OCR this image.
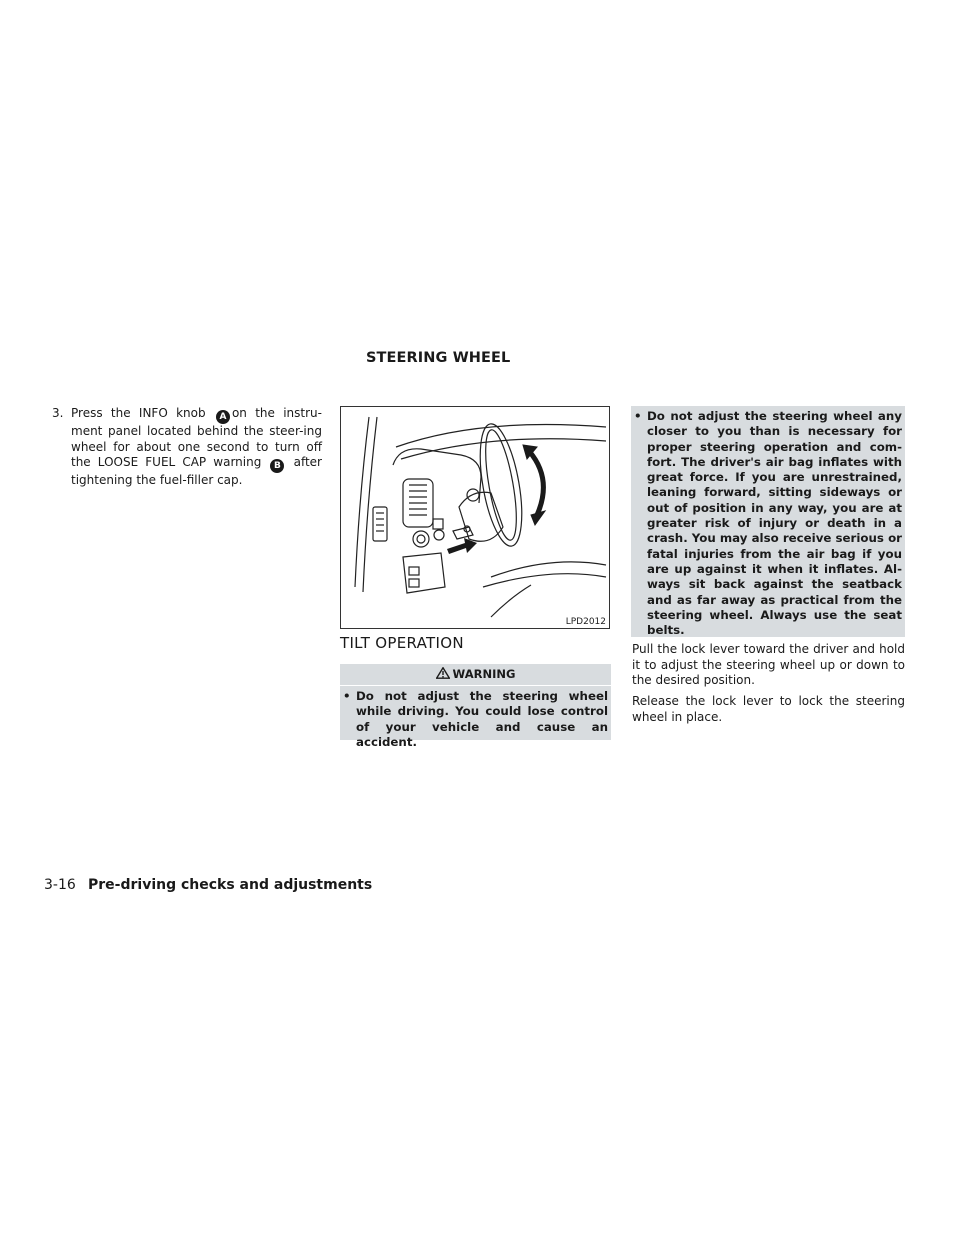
STEERING WHEEL
3. Press the INFO knob A on the instru-ment panel located behind the steer-ing wheel for about one second to turn off the LOOSE FUEL CAP warning B after tightening the fuel-filler cap.
LPD2012
TILT OPERATION
WARNING
• Do not adjust the steering wheel while driving. You could lose control of your vehicle and cause an accident.
• Do not adjust the steering wheel any closer to you than is necessary for proper steering operation and com-fort. The driver's air bag inflates with great force. If you are unrestrained, leaning forward, sitting sideways or out of position in any way, you are at greater risk of injury or death in a crash. You may also receive serious or fatal injuries from the air bag if you are up against it when it inflates. Al-ways sit back against the seatback and as far away as practical from the steering wheel. Always use the seat belts.
Pull the lock lever toward the driver and hold it to adjust the steering wheel up or down to the desired position.
Release the lock lever to lock the steering wheel in place.
3-16 Pre-driving checks and adjustments
